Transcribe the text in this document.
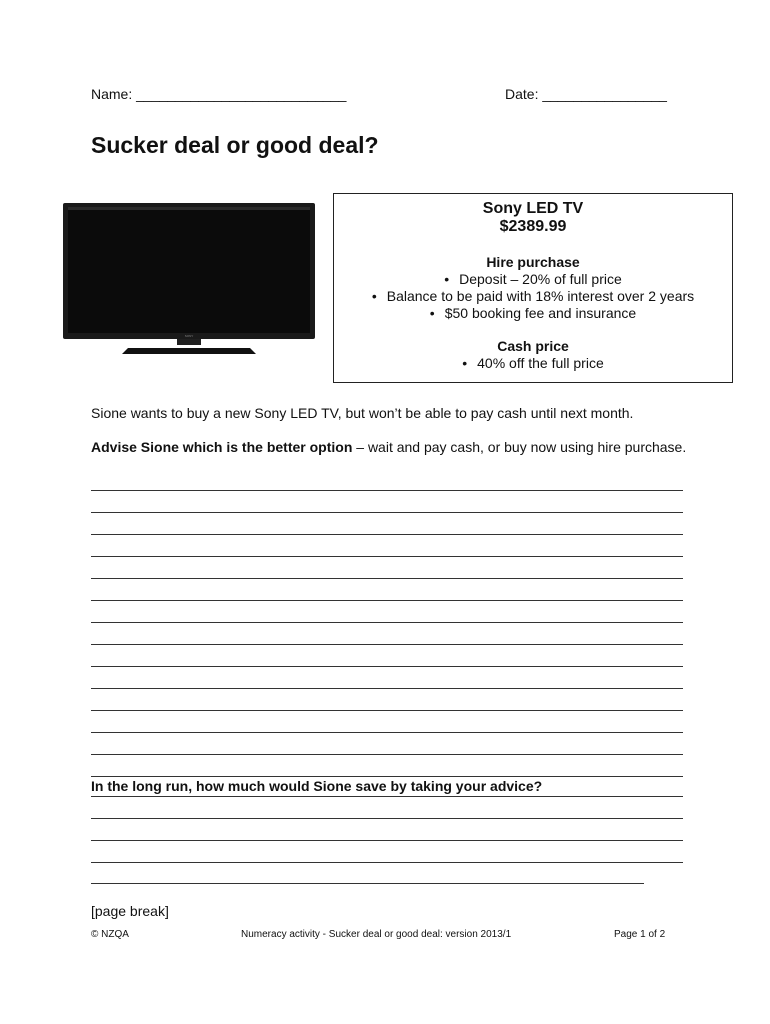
Name: ___________________________	Date: ________________
Sucker deal or good deal?
SONY
Sony LED TV
$2389.99
Hire purchase
• Deposit – 20% of full price
• Balance to be paid with 18% interest over 2 years
• $50 booking fee and insurance
Cash price
• 40% off the full price
Sione wants to buy a new Sony LED TV, but won’t be able to pay cash until next month.
Advise Sione which is the better option – wait and pay cash, or buy now using hire purchase.
In the long run, how much would Sione save by taking your advice?
[page break]
© NZQA	Numeracy activity - Sucker deal or good deal: version 2013/1	Page 1 of 2
